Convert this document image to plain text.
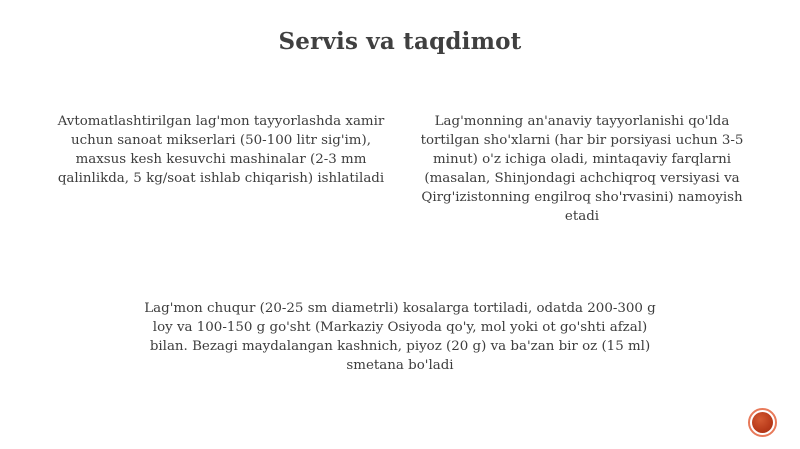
Servis va taqdimot
Avtomatlashtirilgan lag'mon tayyorlashda xamir uchun sanoat mikserlari (50-100 litr sig'im), maxsus kesh kesuvchi mashinalar (2-3 mm qalinlikda, 5 kg/soat ishlab chiqarish) ishlatiladi
Lag'monning an'anaviy tayyorlanishi qo'lda tortilgan sho'xlarni (har bir porsiyasi uchun 3-5 minut) o'z ichiga oladi, mintaqaviy farqlarni (masalan, Shinjondagi achchiqroq versiyasi va Qirg'izistonning engilroq sho'rvasini) namoyish etadi
Lag'mon chuqur (20-25 sm diametrli) kosalarga tortiladi, odatda 200-300 g loy va 100-150 g go'sht (Markaziy Osiyoda qo'y, mol yoki ot go'shti afzal) bilan. Bezagi maydalangan kashnich, piyoz (20 g) va ba'zan bir oz (15 ml) smetana bo'ladi
